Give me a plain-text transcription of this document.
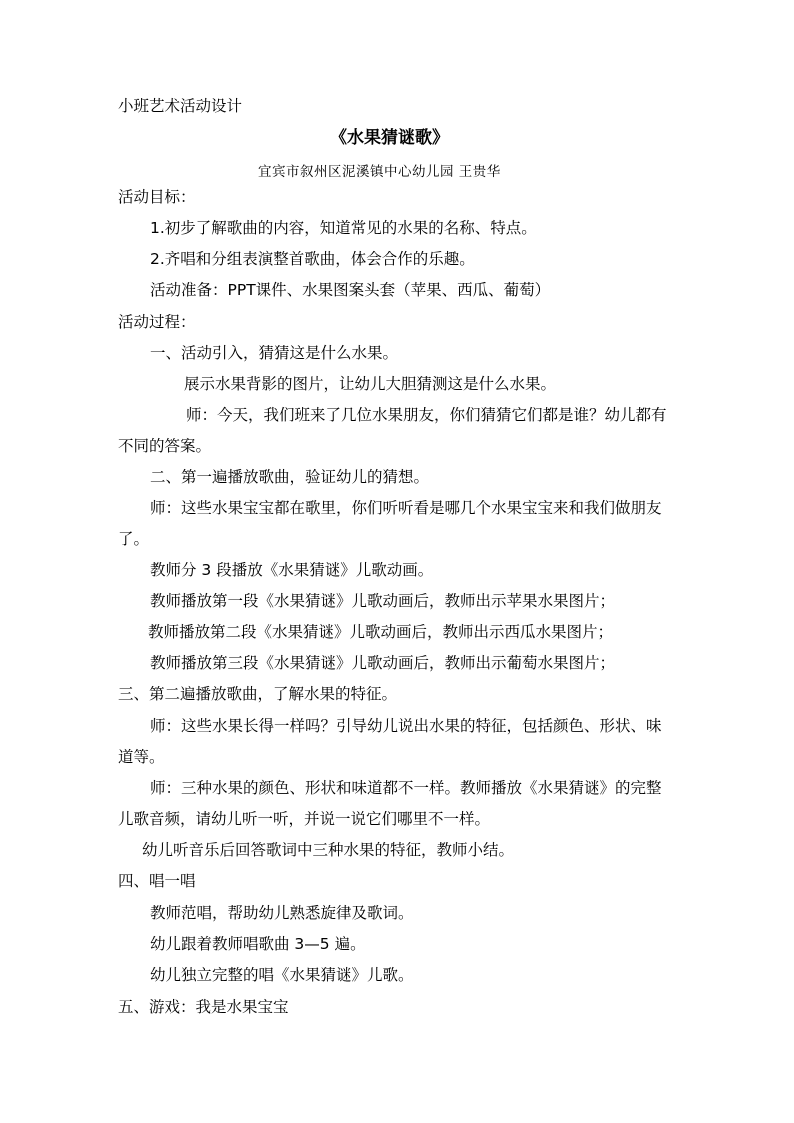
小班艺术活动设计
《水果猜谜歌》
宜宾市叙州区泥溪镇中心幼儿园 王贵华
活动目标：
1.初步了解歌曲的内容，知道常见的水果的名称、特点。
2.齐唱和分组表演整首歌曲，体会合作的乐趣。
活动准备：PPT课件、水果图案头套（苹果、西瓜、葡萄）
活动过程：
一、活动引入，猜猜这是什么水果。
展示水果背影的图片，让幼儿大胆猜测这是什么水果。
师：今天，我们班来了几位水果朋友，你们猜猜它们都是谁？幼儿都有
不同的答案。
二、第一遍播放歌曲，验证幼儿的猜想。
师：这些水果宝宝都在歌里，你们听听看是哪几个水果宝宝来和我们做朋友
了。
教师分 3 段播放《水果猜谜》儿歌动画。
教师播放第一段《水果猜谜》儿歌动画后，教师出示苹果水果图片；
教师播放第二段《水果猜谜》儿歌动画后，教师出示西瓜水果图片；
教师播放第三段《水果猜谜》儿歌动画后，教师出示葡萄水果图片；
三、第二遍播放歌曲，了解水果的特征。
师：这些水果长得一样吗？引导幼儿说出水果的特征，包括颜色、形状、味
道等。
师：三种水果的颜色、形状和味道都不一样。教师播放《水果猜谜》的完整
儿歌音频，请幼儿听一听，并说一说它们哪里不一样。
幼儿听音乐后回答歌词中三种水果的特征，教师小结。
四、唱一唱
教师范唱，帮助幼儿熟悉旋律及歌词。
幼儿跟着教师唱歌曲 3—5 遍。
幼儿独立完整的唱《水果猜谜》儿歌。
五、游戏：我是水果宝宝
